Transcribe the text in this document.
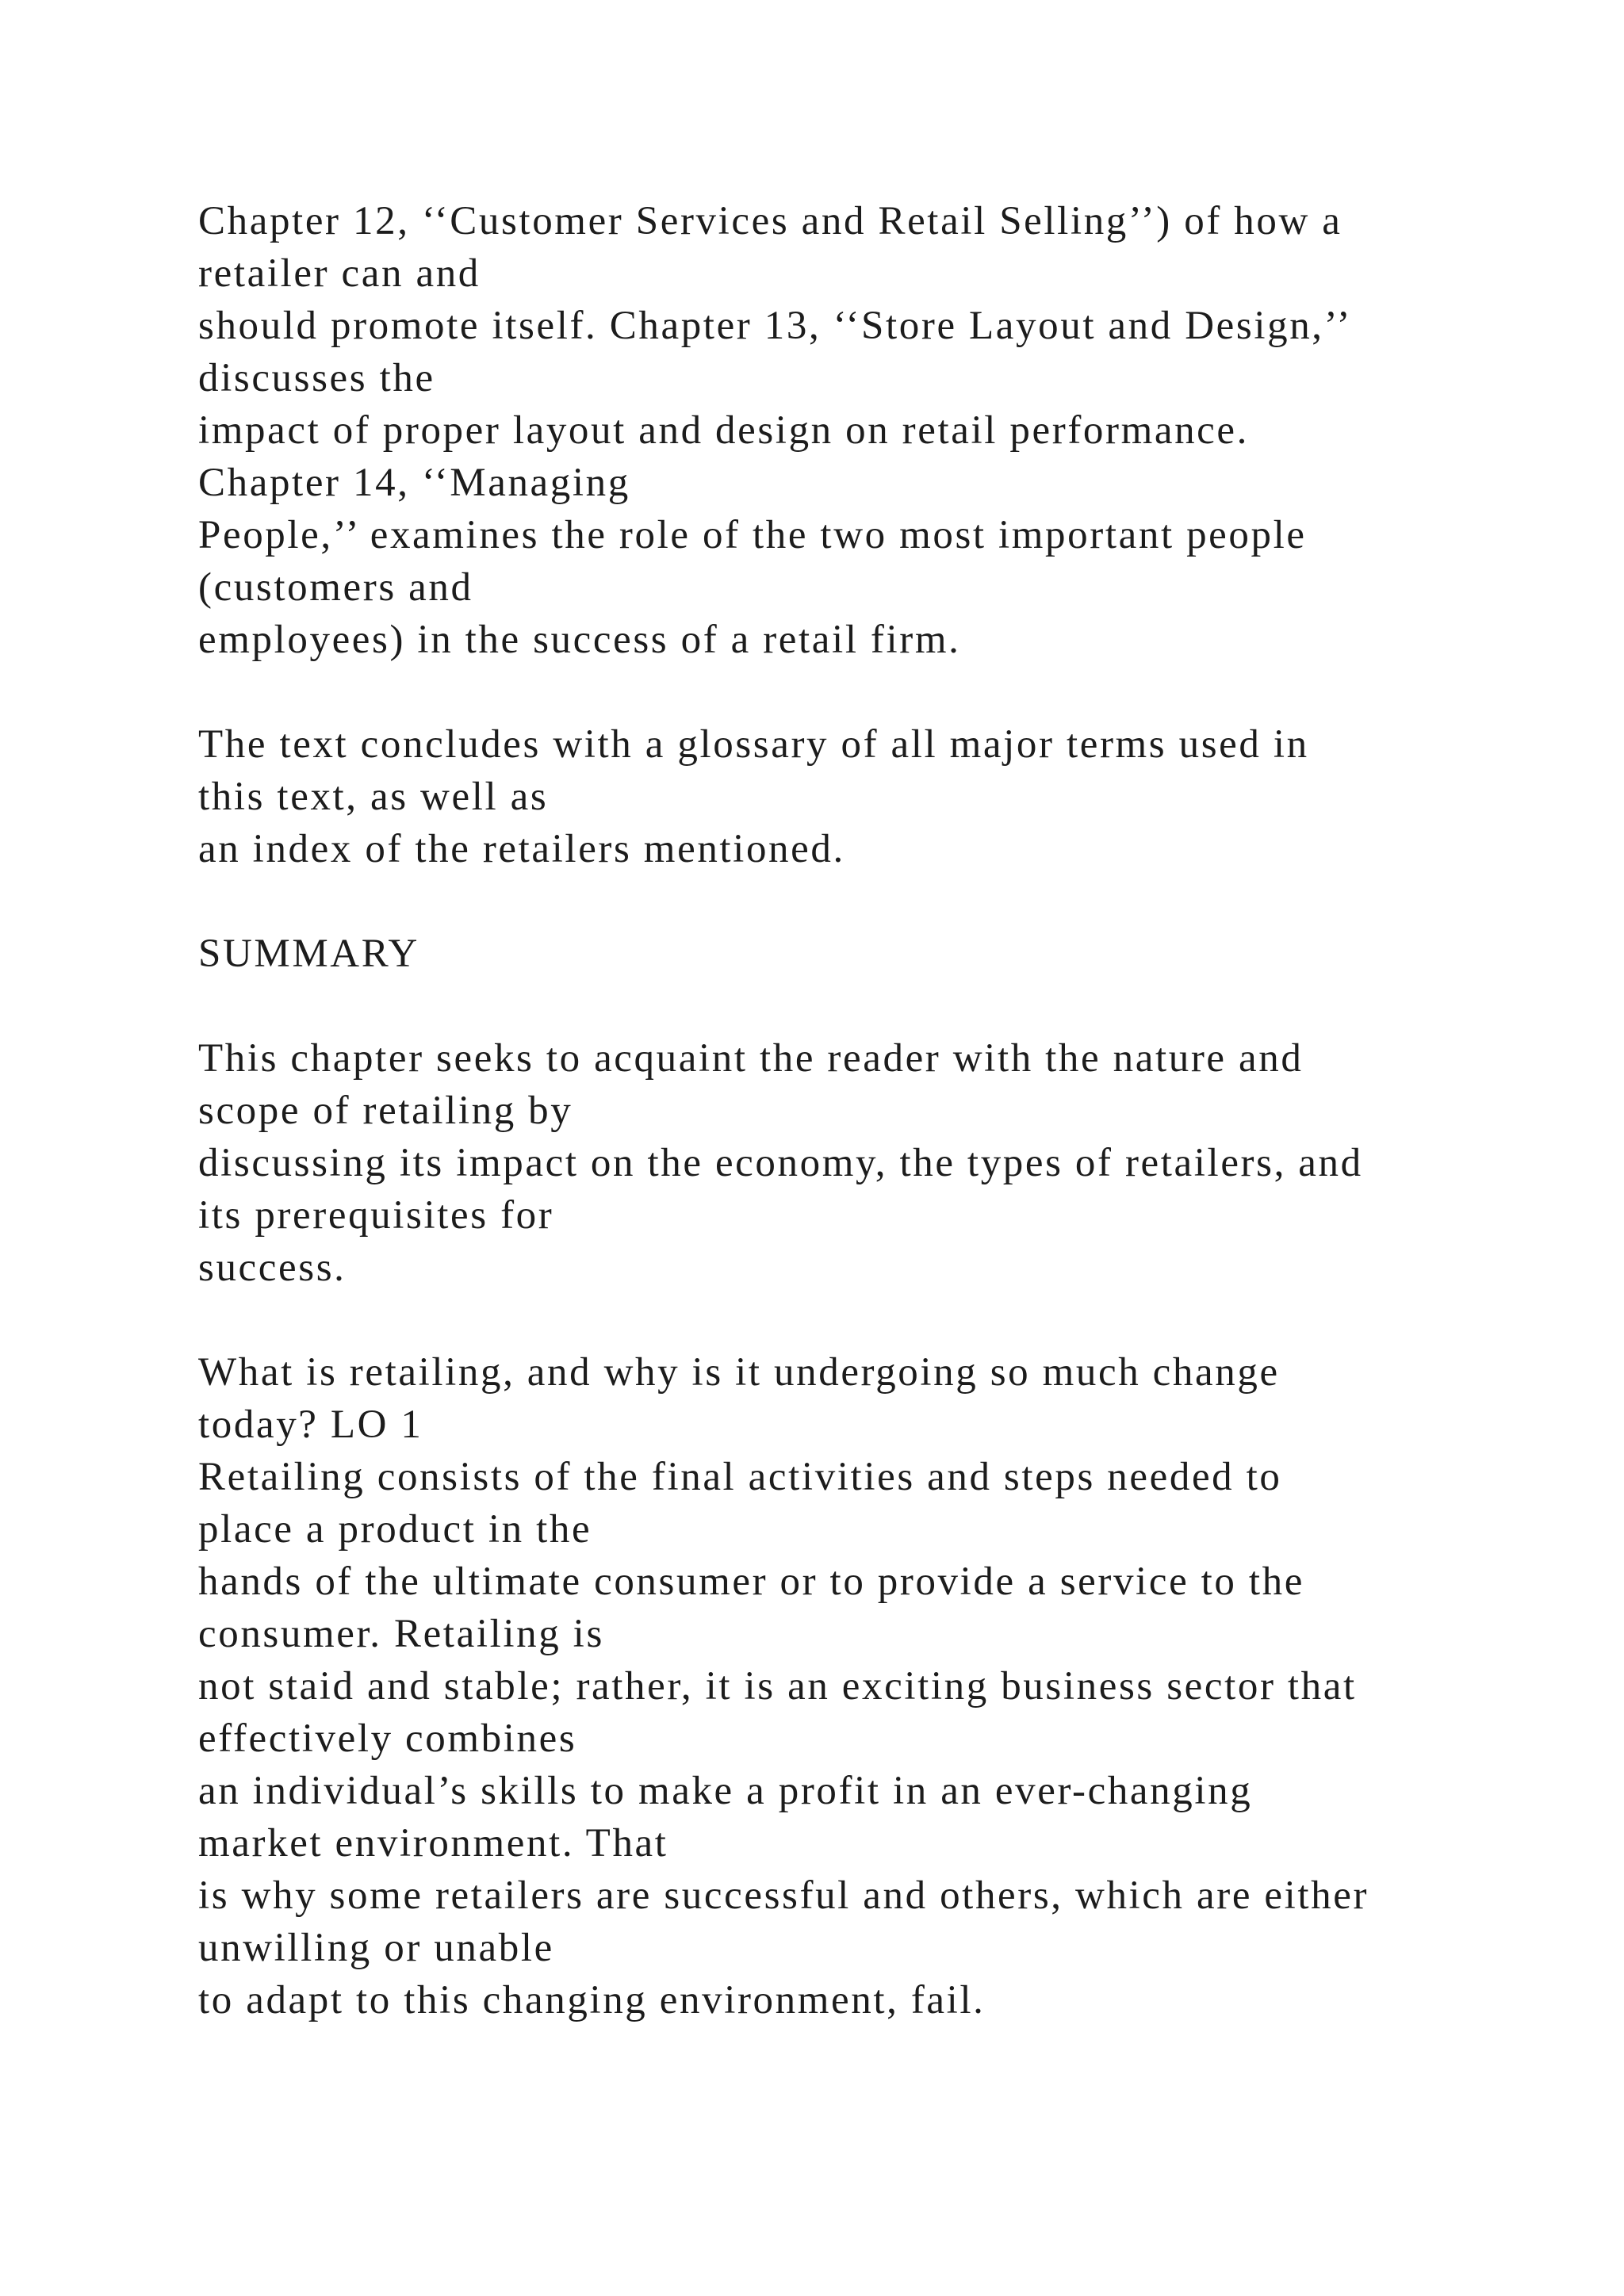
Chapter 12, ‘‘Customer Services and Retail Selling’’) of how a
retailer can and
should promote itself. Chapter 13, ‘‘Store Layout and Design,’’
discusses the
impact of proper layout and design on retail performance.
Chapter 14, ‘‘Managing
People,’’ examines the role of the two most important people
(customers and
employees) in the success of a retail firm.
The text concludes with a glossary of all major terms used in
this text, as well as
an index of the retailers mentioned.
SUMMARY
This chapter seeks to acquaint the reader with the nature and
scope of retailing by
discussing its impact on the economy, the types of retailers, and
its prerequisites for
success.
What is retailing, and why is it undergoing so much change
today? LO 1
Retailing consists of the final activities and steps needed to
place a product in the
hands of the ultimate consumer or to provide a service to the
consumer. Retailing is
not staid and stable; rather, it is an exciting business sector that
effectively combines
an individual’s skills to make a profit in an ever-changing
market environment. That
is why some retailers are successful and others, which are either
unwilling or unable
to adapt to this changing environment, fail.
